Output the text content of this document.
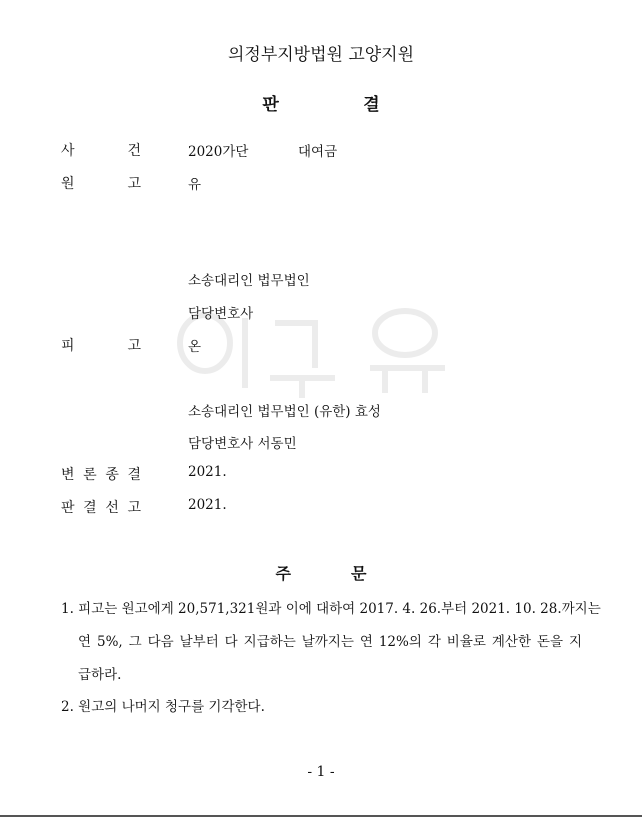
의정부지방법원 고양지원
판	결
사	건	2020가단	대여금
원	고	유
소송대리인 법무법인
담당변호사
피	고	온
소송대리인 법무법인 (유한) 효성
담당변호사 서동민
변 론 종 결	2021.
판 결 선 고	2021.
주	문
1. 피고는 원고에게 20,571,321원과 이에 대하여 2017. 4. 26.부터 2021. 10. 28.까지는
연 5%, 그 다음 날부터 다 지급하는 날까지는 연 12%의 각 비율로 계산한 돈을 지
급하라.
2. 원고의 나머지 청구를 기각한다.
- 1 -
